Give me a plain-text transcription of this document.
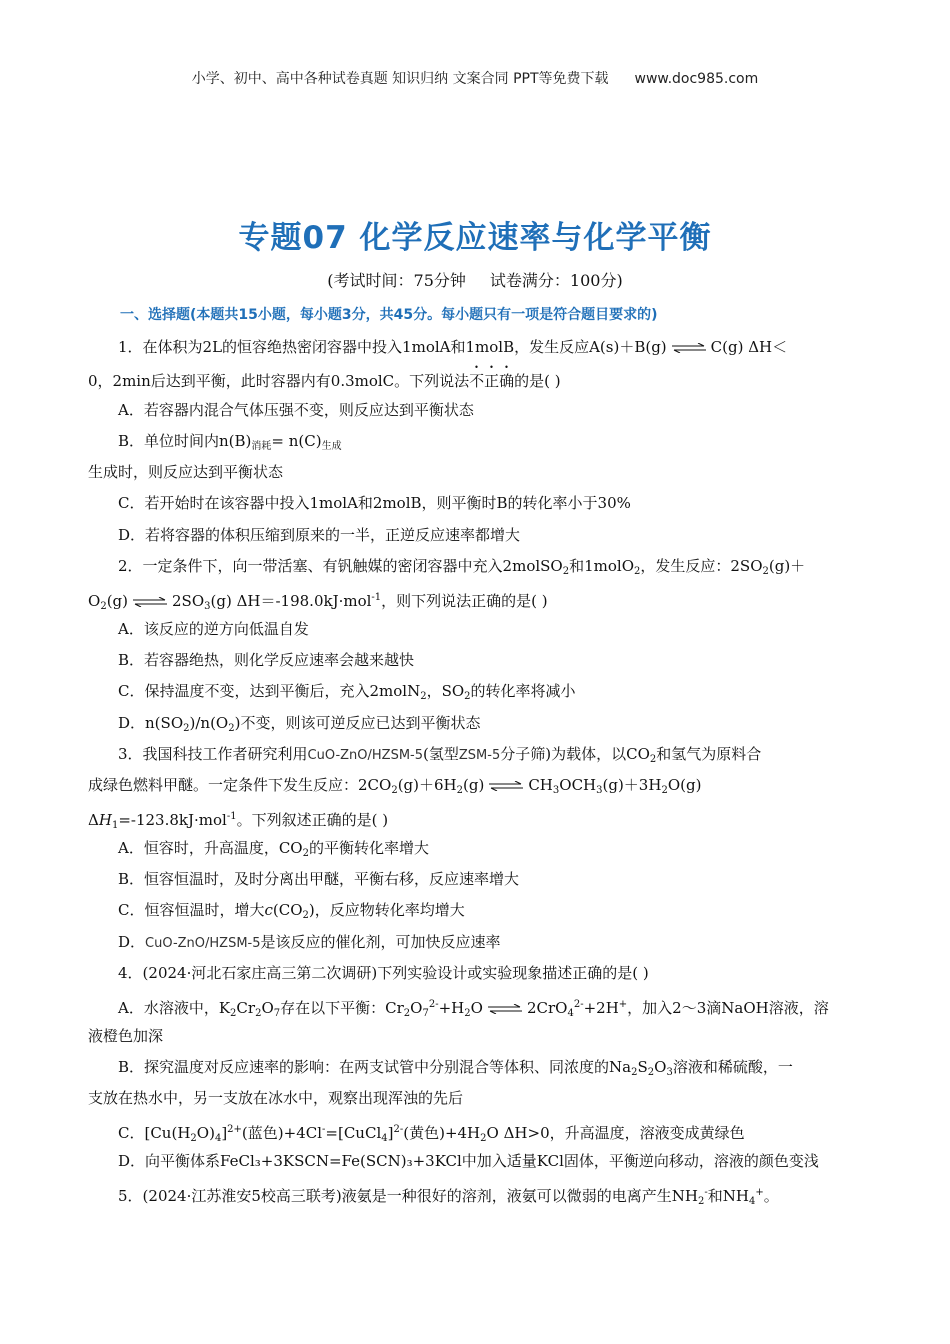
小学、初中、高中各种试卷真题 知识归纳 文案合同 PPT等免费下载 www.doc985.com
专题07 化学反应速率与化学平衡
(考试时间：75分钟 试卷满分：100分)
一、选择题(本题共15小题，每小题3分，共45分。每小题只有一项是符合题目要求的)
1．在体积为2L的恒容绝热密闭容器中投入1molA和1molB，发生反应A(s)＋B(g) ⇌ C(g) ΔH＜
0，2min后达到平衡，此时容器内有0.3molC。下列说法不正确的是( )
A．若容器内混合气体压强不变，则反应达到平衡状态
B．单位时间内$n(B)_{消耗}= n(C)_{生成}$
生成时，则反应达到平衡状态
C．若开始时在该容器中投入1molA和2molB，则平衡时B的转化率小于30%
D．若将容器的体积压缩到原来的一半，正逆反应速率都增大
2．一定条件下，向一带活塞、有钒触媒的密闭容器中充入2molSO$_2$和1molO$_2$，发生反应：$2SO_2(g)+$
$O_2(g)$ ⇌ $2SO_3(g)$ ΔH＝-198.0kJ·mol$^{-1}$，则下列说法正确的是( )
A．该反应的逆方向低温自发
B．若容器绝热，则化学反应速率会越来越快
C．保持温度不变，达到平衡后，充入2molN$_2$，$SO_2$的转化率将减小
D．$n(SO_2)/n(O_2)$不变，则该可逆反应已达到平衡状态
3．我国科技工作者研究利用CuO-ZnO/HZSM-5(氢型ZSM-5分子筛)为载体，以$CO_2$和氢气为原料合
成绿色燃料甲醚。一定条件下发生反应：$2CO_2(g)+6H_2(g)$ ⇌ $CH_3OCH_3(g)+3H_2O(g)$
$\Delta H_1=-123.8kJ\cdot mol^{-1}$。下列叙述正确的是( )
A．恒容时，升高温度，$CO_2$的平衡转化率增大
B．恒容恒温时，及时分离出甲醚，平衡右移，反应速率增大
C．恒容恒温时，增大$c(CO_2)$，反应物转化率均增大
D．CuO-ZnO/HZSM-5是该反应的催化剂，可加快反应速率
4．(2024·河北石家庄高三第二次调研)下列实验设计或实验现象描述正确的是( )
A．水溶液中，$K_2Cr_2O_7$存在以下平衡：$Cr_2O_7^{2-}+H_2O$ ⇌ 2CrO$_4^{2-}$+2H+，加入2～3滴NaOH溶液，溶
液橙色加深
B．探究温度对反应速率的影响：在两支试管中分别混合等体积、同浓度的$Na_2S_2O_3$溶液和稀硫酸，一
支放在热水中，另一支放在冰水中，观察出现浑浊的先后
C．$[Cu(H_2O)_4]^{2+}$(蓝色)+4Cl-=[CuCl$_4$]$^{2-}$(黄色)$+4H_2O$ ΔH>0，升高温度，溶液变成黄绿色
D．向平衡体系FeCl₃+3KSCN=Fe(SCN)₃+3KCl中加入适量KCl固体，平衡逆向移动，溶液的颜色变浅
5．(2024·江苏淮安5校高三联考)液氨是一种很好的溶剂，液氨可以微弱的电离产生$NH_2^-$和$NH_4^+$。
